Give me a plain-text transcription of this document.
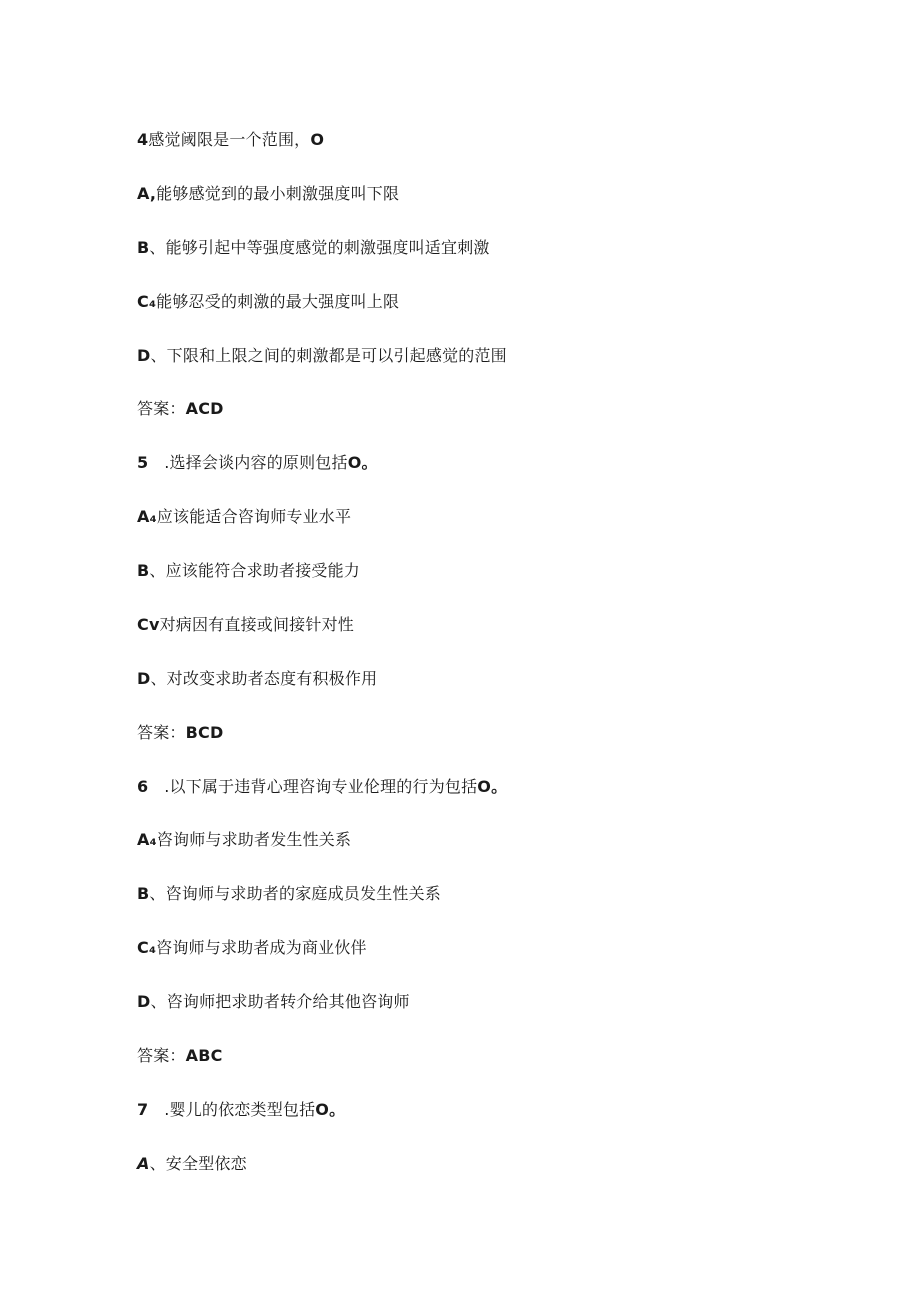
4感觉阈限是一个范围，O
A,能够感觉到的最小刺激强度叫下限
B、能够引起中等强度感觉的刺激强度叫适宜刺激
C₄能够忍受的刺激的最大强度叫上限
D、下限和上限之间的刺激都是可以引起感觉的范围
答案：ACD
5   .选择会谈内容的原则包括O。
A₄应该能适合咨询师专业水平
B、应该能符合求助者接受能力
Cv对病因有直接或间接针对性
D、对改变求助者态度有积极作用
答案：BCD
6   .以下属于违背心理咨询专业伦理的行为包括O。
A₄咨询师与求助者发生性关系
B、咨询师与求助者的家庭成员发生性关系
C₄咨询师与求助者成为商业伙伴
D、咨询师把求助者转介给其他咨询师
答案：ABC
7   .婴儿的依恋类型包括O。
A、安全型依恋
